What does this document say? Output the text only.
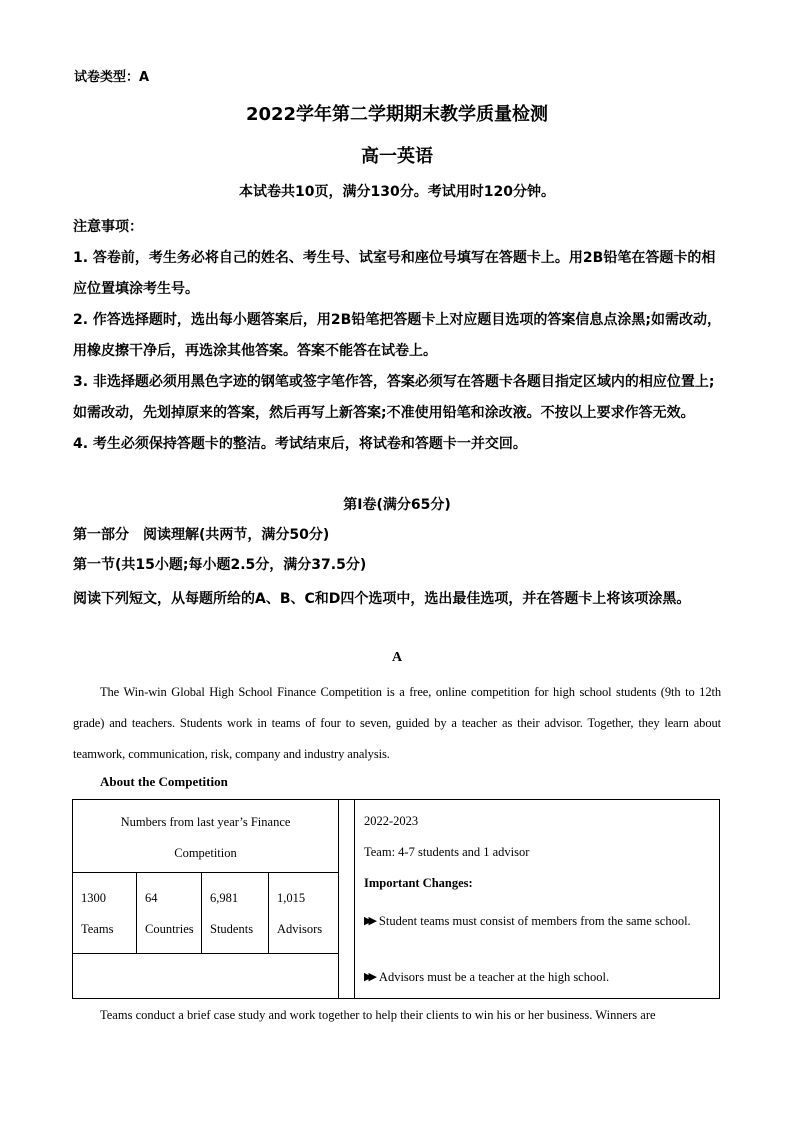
试卷类型：A
2022学年第二学期期末教学质量检测
高一英语
本试卷共10页，满分130分。考试用时120分钟。

注意事项：

1. 答卷前，考生务必将自己的姓名、考生号、试室号和座位号填写在答题卡上。用2B铅笔在答题卡的相应位置填涂考生号。

2. 作答选择题时，选出每小题答案后，用2B铅笔把答题卡上对应题目选项的答案信息点涂黑;如需改动，用橡皮擦干净后，再选涂其他答案。答案不能答在试卷上。

3. 非选择题必须用黑色字迹的钢笔或签字笔作答，答案必须写在答题卡各题目指定区域内的相应位置上;如需改动，先划掉原来的答案，然后再写上新答案;不准使用铅笔和涂改液。不按以上要求作答无效。

4. 考生必须保持答题卡的整洁。考试结束后，将试卷和答题卡一并交回。

第Ⅰ卷(满分65分)
第一部分　阅读理解(共两节，满分50分)
第一节(共15小题;每小题2.5分，满分37.5分)
阅读下列短文，从每题所给的A、B、C和D四个选项中，选出最佳选项，并在答题卡上将该项涂黑。
A
The Win-win Global High School Finance Competition is a free, online competition for high school students (9th to 12th grade) and teachers. Students work in teams of four to seven, guided by a teacher as their advisor. Together, they learn about teamwork, communication, risk, company and industry analysis.
About the Competition
Numbers from last year’s Finance
Competition
1300
Teams
64
Countries
6,981
Students
1,015
Advisors
2022-2023
Team: 4-7 students and 1 advisor
Important Changes:
▶▶ Student teams must consist of members from the same school.
▶▶ Advisors must be a teacher at the high school.
Teams conduct a brief case study and work together to help their clients to win his or her business. Winners are
